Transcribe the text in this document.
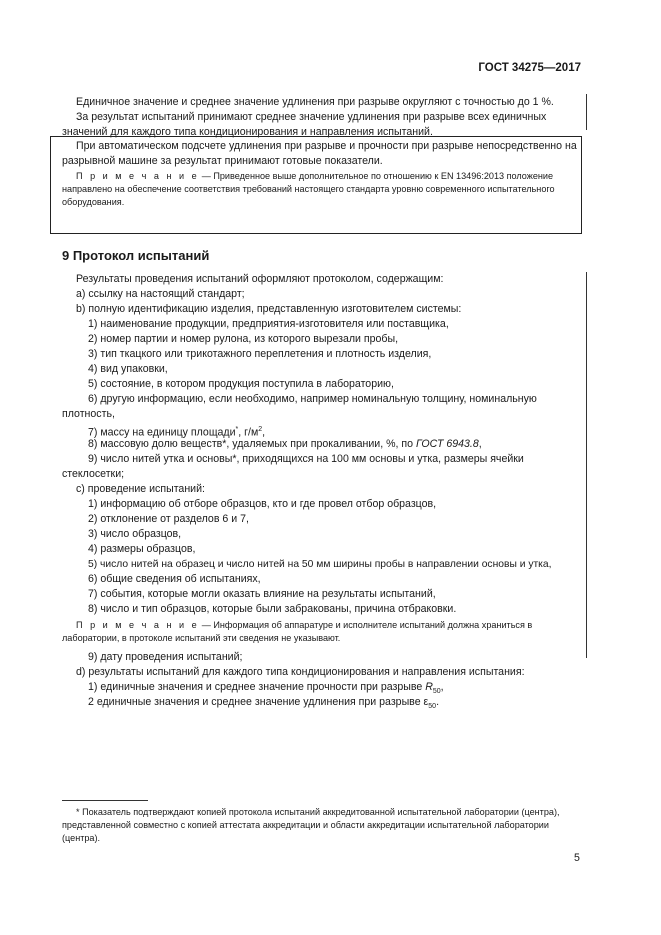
ГОСТ 34275—2017
Единичное значение и среднее значение удлинения при разрыве округляют с точностью до 1 %.
За результат испытаний принимают среднее значение удлинения при разрыве всех единичных значений для каждого типа кондиционирования и направления испытаний.
При автоматическом подсчете удлинения при разрыве и прочности при разрыве непосредственно на разрывной машине за результат принимают готовые показатели.
П р и м е ч а н и е — Приведенное выше дополнительное по отношению к EN 13496:2013 положение направлено на обеспечение соответствия требований настоящего стандарта уровню современного испытательного оборудования.
9 Протокол испытаний
Результаты проведения испытаний оформляют протоколом, содержащим:
a) ссылку на настоящий стандарт;
b) полную идентификацию изделия, представленную изготовителем системы:
1) наименование продукции, предприятия-изготовителя или поставщика,
2) номер партии и номер рулона, из которого вырезали пробы,
3) тип ткацкого или трикотажного переплетения и плотность изделия,
4) вид упаковки,
5) состояние, в котором продукция поступила в лабораторию,
6) другую информацию, если необходимо, например номинальную толщину, номинальную плотность,
7) массу на единицу площади*, $г/м^2$,
8) массовую долю веществ*, удаляемых при прокаливании, %, по ГОСТ 6943.8,
9) число нитей утка и основы*, приходящихся на 100 мм основы и утка, размеры ячейки стеклосетки;
c) проведение испытаний:
1) информацию об отборе образцов, кто и где провел отбор образцов,
2) отклонение от разделов 6 и 7,
3) число образцов,
4) размеры образцов,
5) число нитей на образец и число нитей на 50 мм ширины пробы в направлении основы и утка,
6) общие сведения об испытаниях,
7) события, которые могли оказать влияние на результаты испытаний,
8) число и тип образцов, которые были забракованы, причина отбраковки.
П р и м е ч а н и е — Информация об аппаратуре и исполнителе испытаний должна храниться в лаборатории, в протоколе испытаний эти сведения не указывают.
9) дату проведения испытаний;
d) результаты испытаний для каждого типа кондиционирования и направления испытания:
1) единичные значения и среднее значение прочности при разрыве $R_{50}$,
2 единичные значения и среднее значение удлинения при разрыве $\varepsilon_{50}$.
* Показатель подтверждают копией протокола испытаний аккредитованной испытательной лаборатории (центра), представленной совместно с копией аттестата аккредитации и области аккредитации испытательной лаборатории (центра).
5
